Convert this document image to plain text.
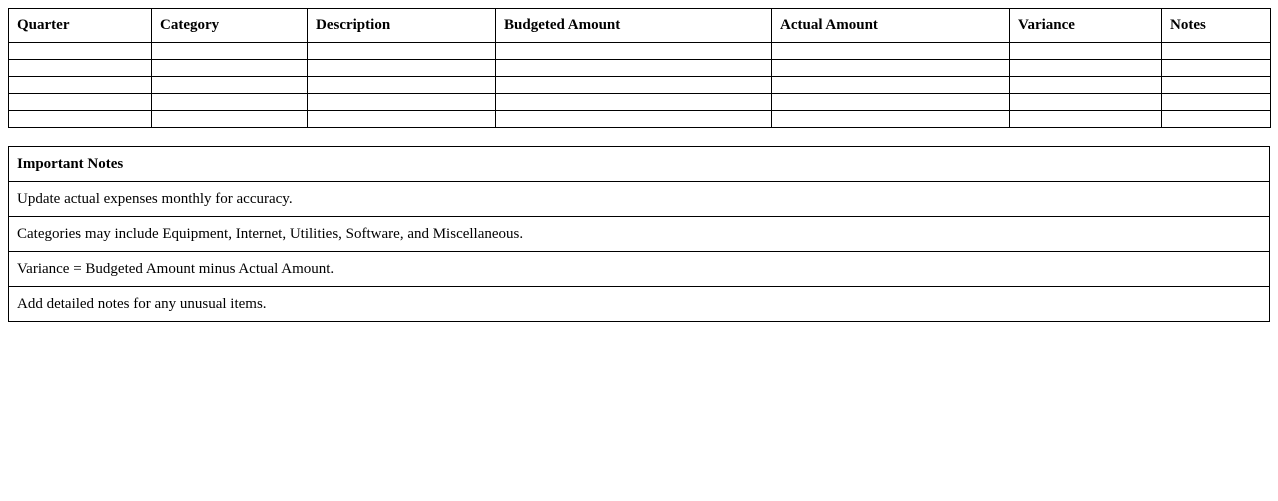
Quarter	Category	Description	Budgeted Amount	Actual Amount	Variance	Notes

Important Notes
Update actual expenses monthly for accuracy.
Categories may include Equipment, Internet, Utilities, Software, and Miscellaneous.
Variance = Budgeted Amount minus Actual Amount.
Add detailed notes for any unusual items.
